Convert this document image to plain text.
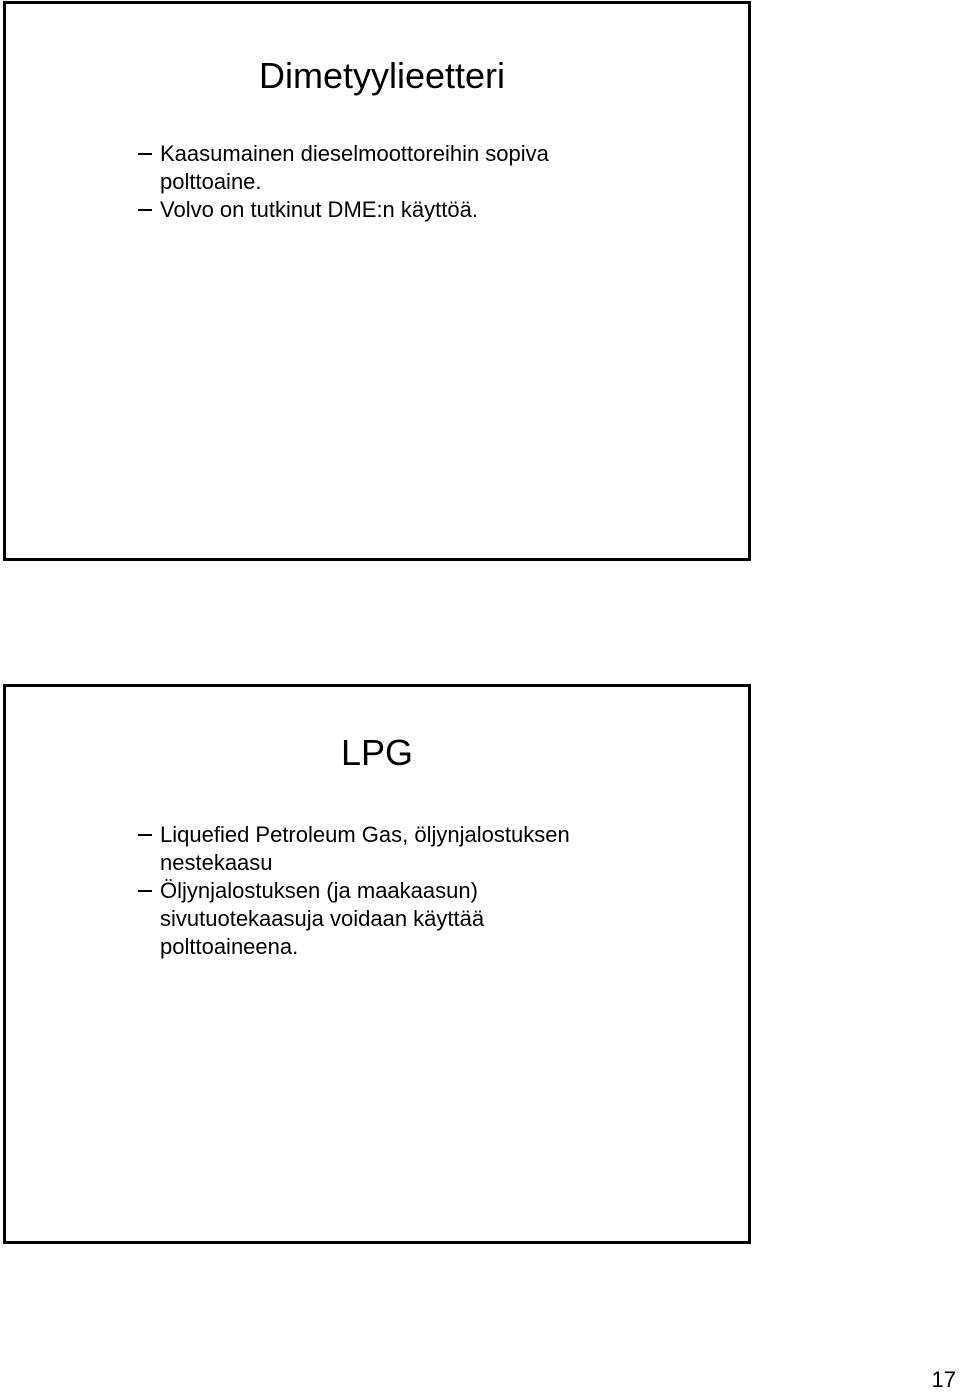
Dimetyylieetteri
Kaasumainen dieselmoottoreihin sopiva
polttoaine.
Volvo on tutkinut DME:n käyttöä.
LPG
Liquefied Petroleum Gas, öljynjalostuksen
nestekaasu
Öljynjalostuksen (ja maakaasun)
sivutuotekaasuja voidaan käyttää
polttoaineena.
17
